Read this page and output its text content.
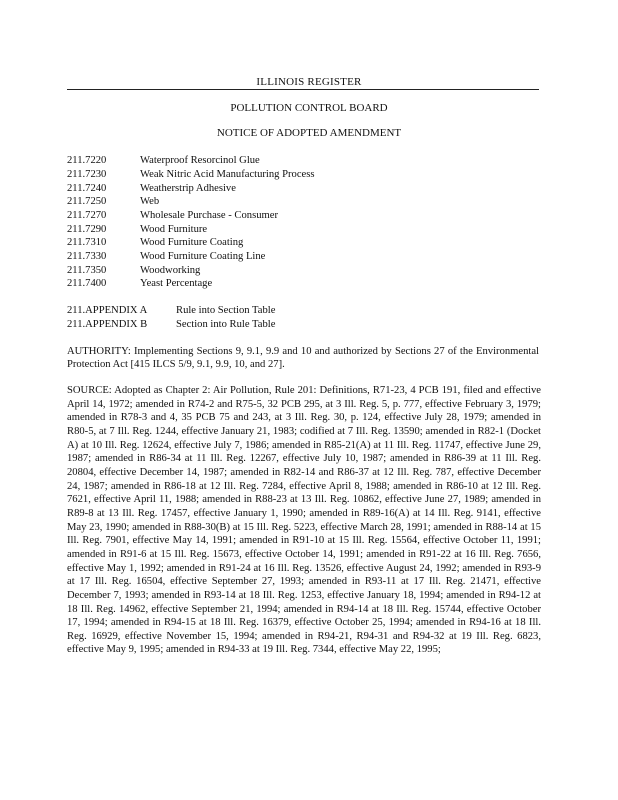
ILLINOIS REGISTER
POLLUTION CONTROL BOARD
NOTICE OF ADOPTED AMENDMENT
211.7220	Waterproof Resorcinol Glue
211.7230	Weak Nitric Acid Manufacturing Process
211.7240	Weatherstrip Adhesive
211.7250	Web
211.7270	Wholesale Purchase - Consumer
211.7290	Wood Furniture
211.7310	Wood Furniture Coating
211.7330	Wood Furniture Coating Line
211.7350	Woodworking
211.7400	Yeast Percentage
211.APPENDIX A	Rule into Section Table
211.APPENDIX B	Section into Rule Table

AUTHORITY: Implementing Sections 9, 9.1, 9.9 and 10 and authorized by Sections 27 of the Environmental Protection Act [415 ILCS 5/9, 9.1, 9.9, 10, and 27].

SOURCE: Adopted as Chapter 2: Air Pollution, Rule 201: Definitions, R71-23, 4 PCB 191, filed and effective April 14, 1972; amended in R74-2 and R75-5, 32 PCB 295, at 3 Ill. Reg. 5, p. 777, effective February 3, 1979; amended in R78-3 and 4, 35 PCB 75 and 243, at 3 Ill. Reg. 30, p. 124, effective July 28, 1979; amended in R80-5, at 7 Ill. Reg. 1244, effective January 21, 1983; codified at 7 Ill. Reg. 13590; amended in R82-1 (Docket A) at 10 Ill. Reg. 12624, effective July 7, 1986; amended in R85-21(A) at 11 Ill. Reg. 11747, effective June 29, 1987; amended in R86-34 at 11 Ill. Reg. 12267, effective July 10, 1987; amended in R86-39 at 11 Ill. Reg. 20804, effective December 14, 1987; amended in R82-14 and R86-37 at 12 Ill. Reg. 787, effective December 24, 1987; amended in R86-18 at 12 Ill. Reg. 7284, effective April 8, 1988; amended in R86-10 at 12 Ill. Reg. 7621, effective April 11, 1988; amended in R88-23 at 13 Ill. Reg. 10862, effective June 27, 1989; amended in R89-8 at 13 Ill. Reg. 17457, effective January 1, 1990; amended in R89-16(A) at 14 Ill. Reg. 9141, effective May 23, 1990; amended in R88-30(B) at 15 Ill. Reg. 5223, effective March 28, 1991; amended in R88-14 at 15 Ill. Reg. 7901, effective May 14, 1991; amended in R91-10 at 15 Ill. Reg. 15564, effective October 11, 1991; amended in R91-6 at 15 Ill. Reg. 15673, effective October 14, 1991; amended in R91-22 at 16 Ill. Reg. 7656, effective May 1, 1992; amended in R91-24 at 16 Ill. Reg. 13526, effective August 24, 1992; amended in R93-9 at 17 Ill. Reg. 16504, effective September 27, 1993; amended in R93-11 at 17 Ill. Reg. 21471, effective December 7, 1993; amended in R93-14 at 18 Ill. Reg. 1253, effective January 18, 1994; amended in R94-12 at 18 Ill. Reg. 14962, effective September 21, 1994; amended in R94-14 at 18 Ill. Reg. 15744, effective October 17, 1994; amended in R94-15 at 18 Ill. Reg. 16379, effective October 25, 1994; amended in R94-16 at 18 Ill. Reg. 16929, effective November 15, 1994; amended in R94-21, R94-31 and R94-32 at 19 Ill. Reg. 6823, effective May 9, 1995; amended in R94-33 at 19 Ill. Reg. 7344, effective May 22, 1995;
